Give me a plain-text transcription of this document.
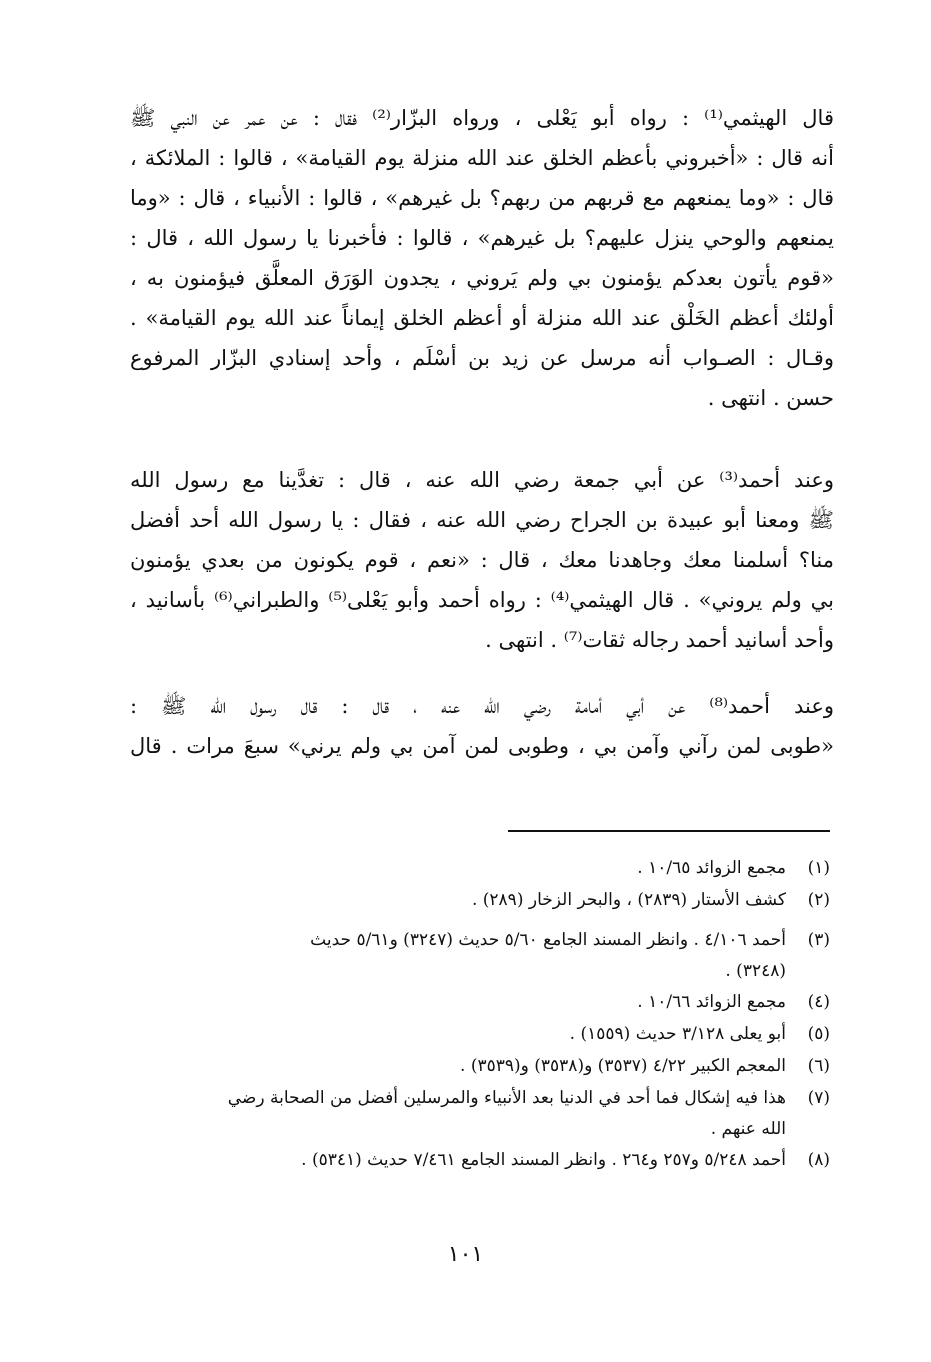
قال الهيثمي⁽¹⁾ : رواه أبو يَعْلى ، ورواه البزّار⁽²⁾ فقال : عن عمر عن النبي ﷺ
أنه قال : «أخبروني بأعظم الخلق عند الله منزلة يوم القيامة» ، قالوا : الملائكة ،
قال : «وما يمنعهم مع قربهم من ربهم؟ بل غيرهم» ، قالوا : الأنبياء ، قال : «وما
يمنعهم والوحي ينزل عليهم؟ بل غيرهم» ، قالوا : فأخبرنا يا رسول الله ، قال :
«قوم يأتون بعدكم يؤمنون بي ولم يَروني ، يجدون الوَرَق المعلَّق فيؤمنون به ،
أولئك أعظم الخَلْق عند الله منزلة أو أعظم الخلق إيماناً عند الله يوم القيامة» .
وقـال : الصـواب أنه مرسل عن زيد بن أسْلَم ، وأحد إسنادي البزّار المرفوع
حسن . انتهى .
وعند أحمد⁽³⁾ عن أبي جمعة رضي الله عنه ، قال : تغدَّينا مع رسول الله
ﷺ ومعنا أبو عبيدة بن الجراح رضي الله عنه ، فقال : يا رسول الله أحد أفضل
منا؟ أسلمنا معك وجاهدنا معك ، قال : «نعم ، قوم يكونون من بعدي يؤمنون
بي ولم يروني» . قال الهيثمي⁽⁴⁾ : رواه أحمد وأبو يَعْلى⁽⁵⁾ والطبراني⁽⁶⁾ بأسانيد ،
وأحد أسانيد أحمد رجاله ثقات⁽⁷⁾ . انتهى .
وعند أحمد⁽⁸⁾ عن أبي أمامة رضي الله عنه ، قال : قال رسول الله ﷺ :
«طوبى لمن رآني وآمن بي ، وطوبى لمن آمن بي ولم يرني» سبعَ مرات . قال
(١)
مجمع الزوائد ١٠/٦٥ .
(٢)
كشف الأستار (٢٨٣٩) ، والبحر الزخار (٢٨٩) .
(٣)
أحمد ٤/١٠٦ . وانظر المسند الجامع ٥/٦٠ حديث (٣٢٤٧) و٥/٦١ حديث
(٣٢٤٨) .
(٤)
مجمع الزوائد ١٠/٦٦ .
(٥)
أبو يعلى ٣/١٢٨ حديث (١٥٥٩) .
(٦)
المعجم الكبير ٤/٢٢ (٣٥٣٧) و(٣٥٣٨) و(٣٥٣٩) .
(٧)
هذا فيه إشكال فما أحد في الدنيا بعد الأنبياء والمرسلين أفضل من الصحابة رضي
الله عنهم .
(٨)
أحمد ٥/٢٤٨ و٢٥٧ و٢٦٤ . وانظر المسند الجامع ٧/٤٦١ حديث (٥٣٤١) .
١٠١
